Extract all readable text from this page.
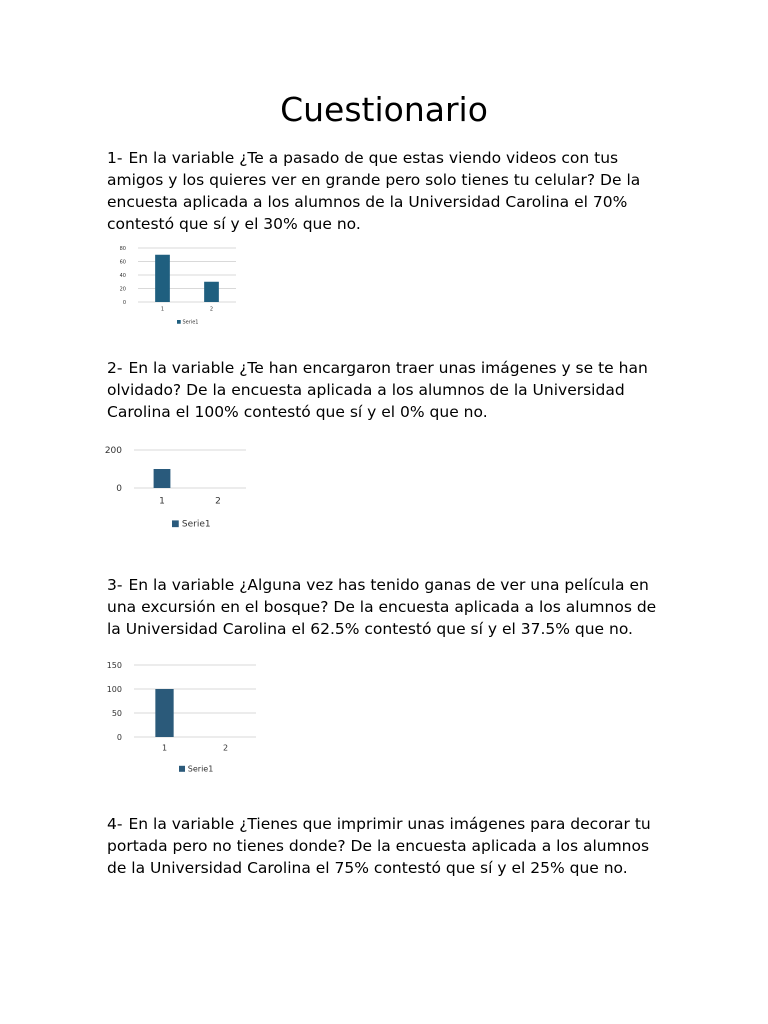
Cuestionario
1- En la variable ¿Te a pasado de que estas viendo videos con tus amigos y los quieres ver en grande pero solo tienes tu celular? De la encuesta aplicada a los alumnos de la Universidad Carolina el 70% contestó que sí y el 30% que no.
0
20
40
60
80
1	2
Serie1
2- En la variable ¿Te han encargaron traer unas imágenes y se te han olvidado? De la encuesta aplicada a los alumnos de la Universidad Carolina el 100% contestó que sí y el 0% que no.
0
200
1	2
Serie1
3- En la variable ¿Alguna vez has tenido ganas de ver una película en una excursión en el bosque? De la encuesta aplicada a los alumnos de la Universidad Carolina el 62.5% contestó que sí y el 37.5% que no.
0
50
100
150
1	2
Serie1
4- En la variable ¿Tienes que imprimir unas imágenes para decorar tu portada pero no tienes donde? De la encuesta aplicada a los alumnos de la Universidad Carolina el 75% contestó que sí y el 25% que no.
